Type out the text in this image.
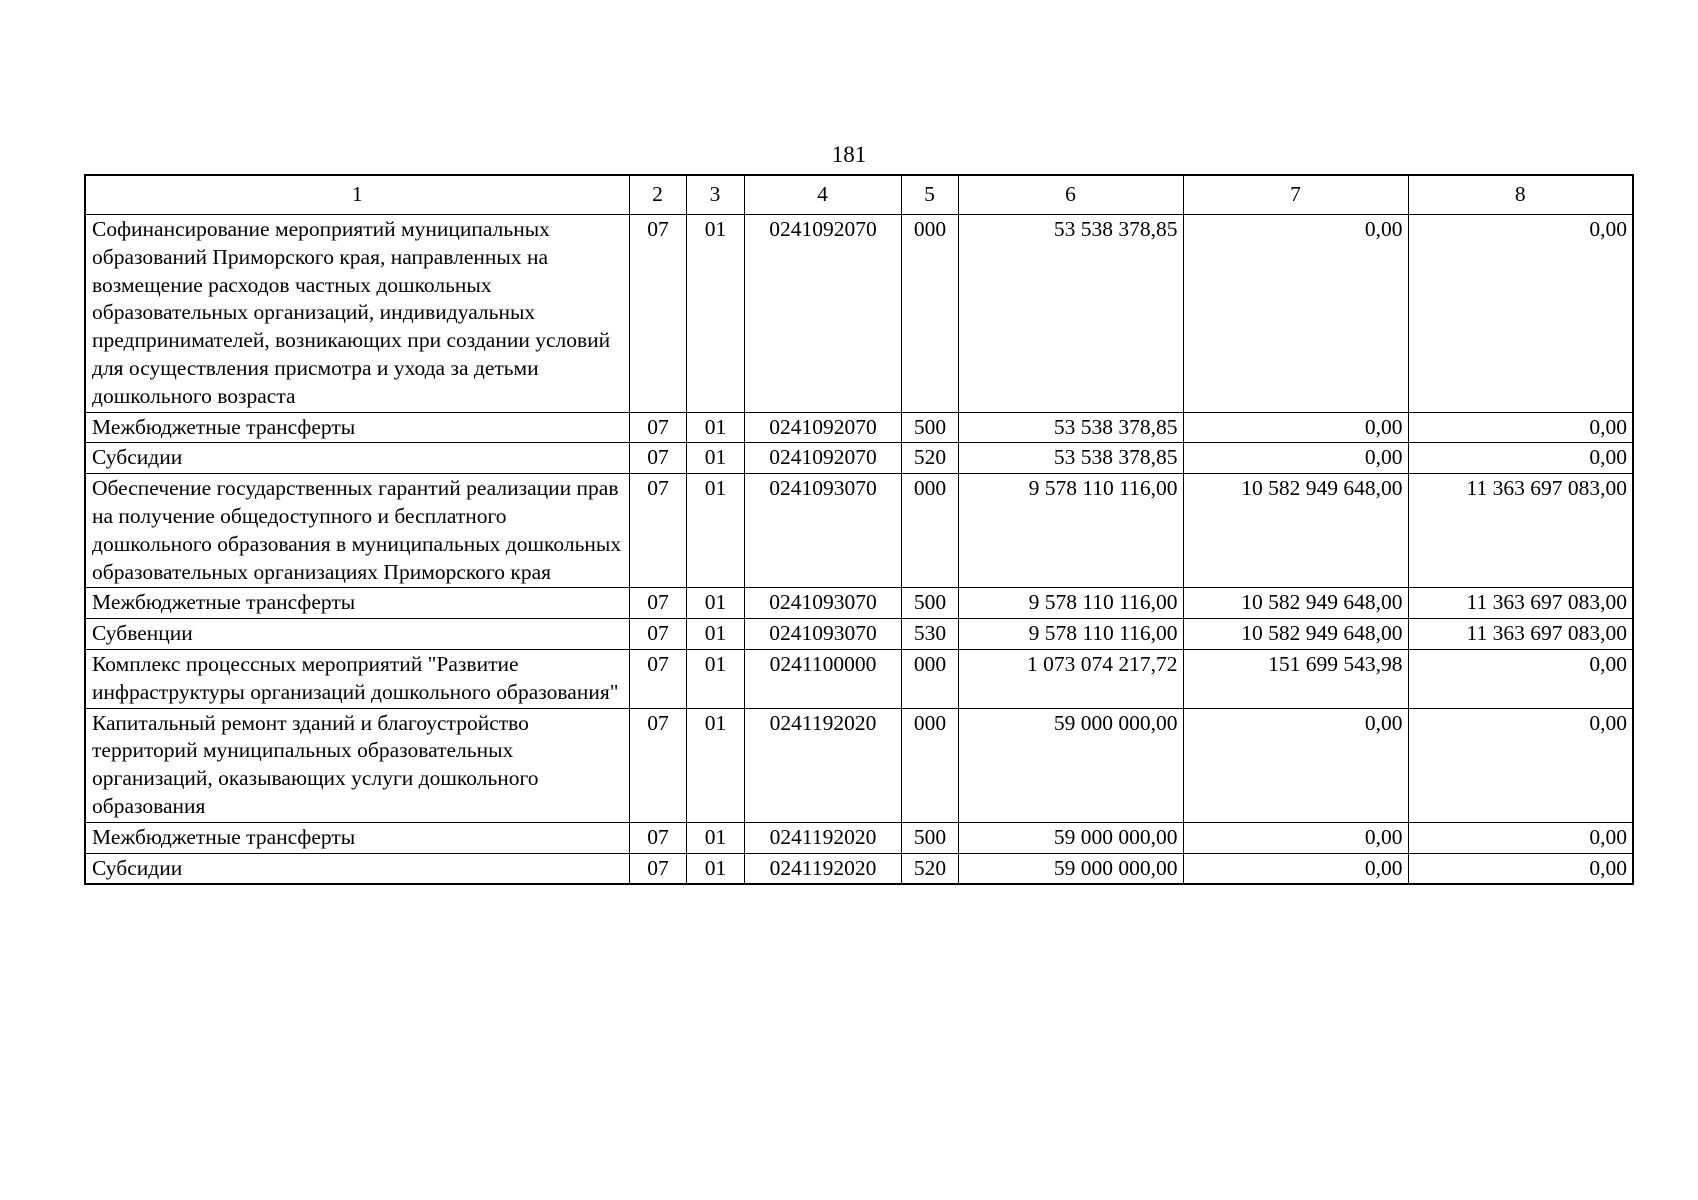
181
1	2	3	4	5	6	7	8
Софинансирование мероприятий муниципальных образований Приморского края, направленных на возмещение расходов частных дошкольных образовательных организаций, индивидуальных предпринимателей, возникающих при создании условий для осуществления присмотра и ухода за детьми дошкольного возраста	07	01	0241092070	000	53 538 378,85	0,00	0,00
Межбюджетные трансферты	07	01	0241092070	500	53 538 378,85	0,00	0,00
Субсидии	07	01	0241092070	520	53 538 378,85	0,00	0,00
Обеспечение государственных гарантий реализации прав на получение общедоступного и бесплатного дошкольного образования в муниципальных дошкольных образовательных организациях Приморского края	07	01	0241093070	000	9 578 110 116,00	10 582 949 648,00	11 363 697 083,00
Межбюджетные трансферты	07	01	0241093070	500	9 578 110 116,00	10 582 949 648,00	11 363 697 083,00
Субвенции	07	01	0241093070	530	9 578 110 116,00	10 582 949 648,00	11 363 697 083,00
Комплекс процессных мероприятий "Развитие инфраструктуры организаций дошкольного образования"	07	01	0241100000	000	1 073 074 217,72	151 699 543,98	0,00
Капитальный ремонт зданий и благоустройство территорий муниципальных образовательных организаций, оказывающих услуги дошкольного образования	07	01	0241192020	000	59 000 000,00	0,00	0,00
Межбюджетные трансферты	07	01	0241192020	500	59 000 000,00	0,00	0,00
Субсидии	07	01	0241192020	520	59 000 000,00	0,00	0,00
